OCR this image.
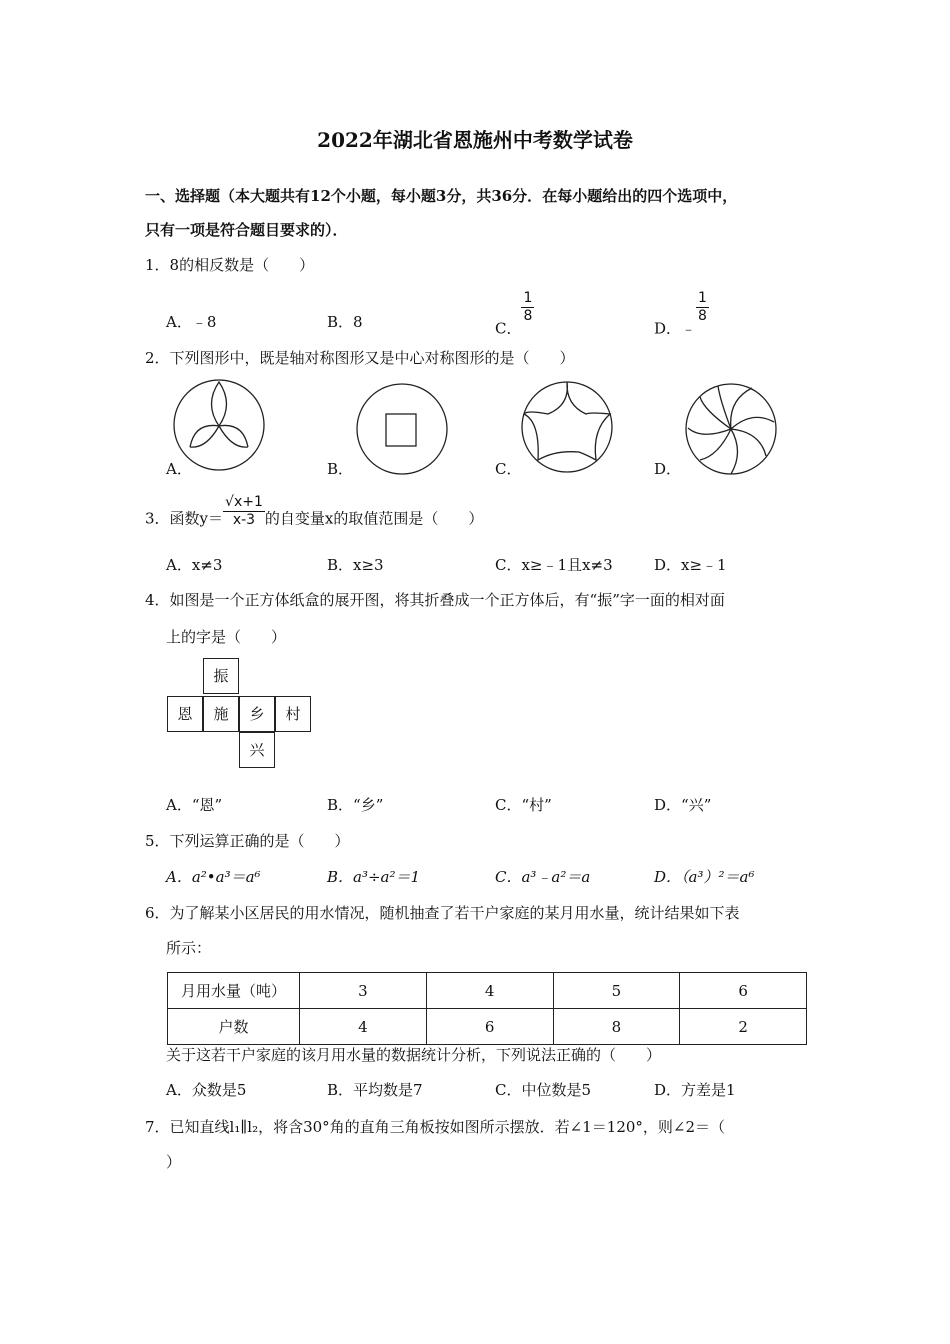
2022年湖北省恩施州中考数学试卷
一、选择题（本大题共有12个小题，每小题3分，共36分．在每小题给出的四个选项中，
只有一项是符合题目要求的）．
1．8的相反数是（　　）
A．﹣8	B．8	C．
$\frac{1}{8}$
D．﹣
$\frac{1}{8}$
2．下列图形中，既是轴对称图形又是中心对称图形的是（　　）
A．	B．	C．	D．
3．函数$y= \frac{√x+1}{x-3}$ 的自变量x的取值范围是（　　）
A．x≠3	B．x≥3	C．x≥﹣1且x≠3	D．x≥﹣1
4．如图是一个正方体纸盒的展开图，将其折叠成一个正方体后，有“振”字一面的相对面
上的字是（　　）
振
恩	施	乡	村
兴
A．“恩”	B．“乡”	C．“村”	D．“兴”
5．下列运算正确的是（　　）
A．a²•a³＝a⁶	B．a³÷a²＝1	C．a³﹣a²＝a	D．（a³）²＝a⁶
6．为了解某小区居民的用水情况，随机抽查了若干户家庭的某月用水量，统计结果如下表
所示：
月用水量（吨）	3	4	5	6
户数	4	6	8	2
关于这若干户家庭的该月用水量的数据统计分析，下列说法正确的（　　）
A．众数是5	B．平均数是7	C．中位数是5	D．方差是1
7．已知直线l₁∥l₂，将含30°角的直角三角板按如图所示摆放．若∠1＝120°，则∠2＝（
）
